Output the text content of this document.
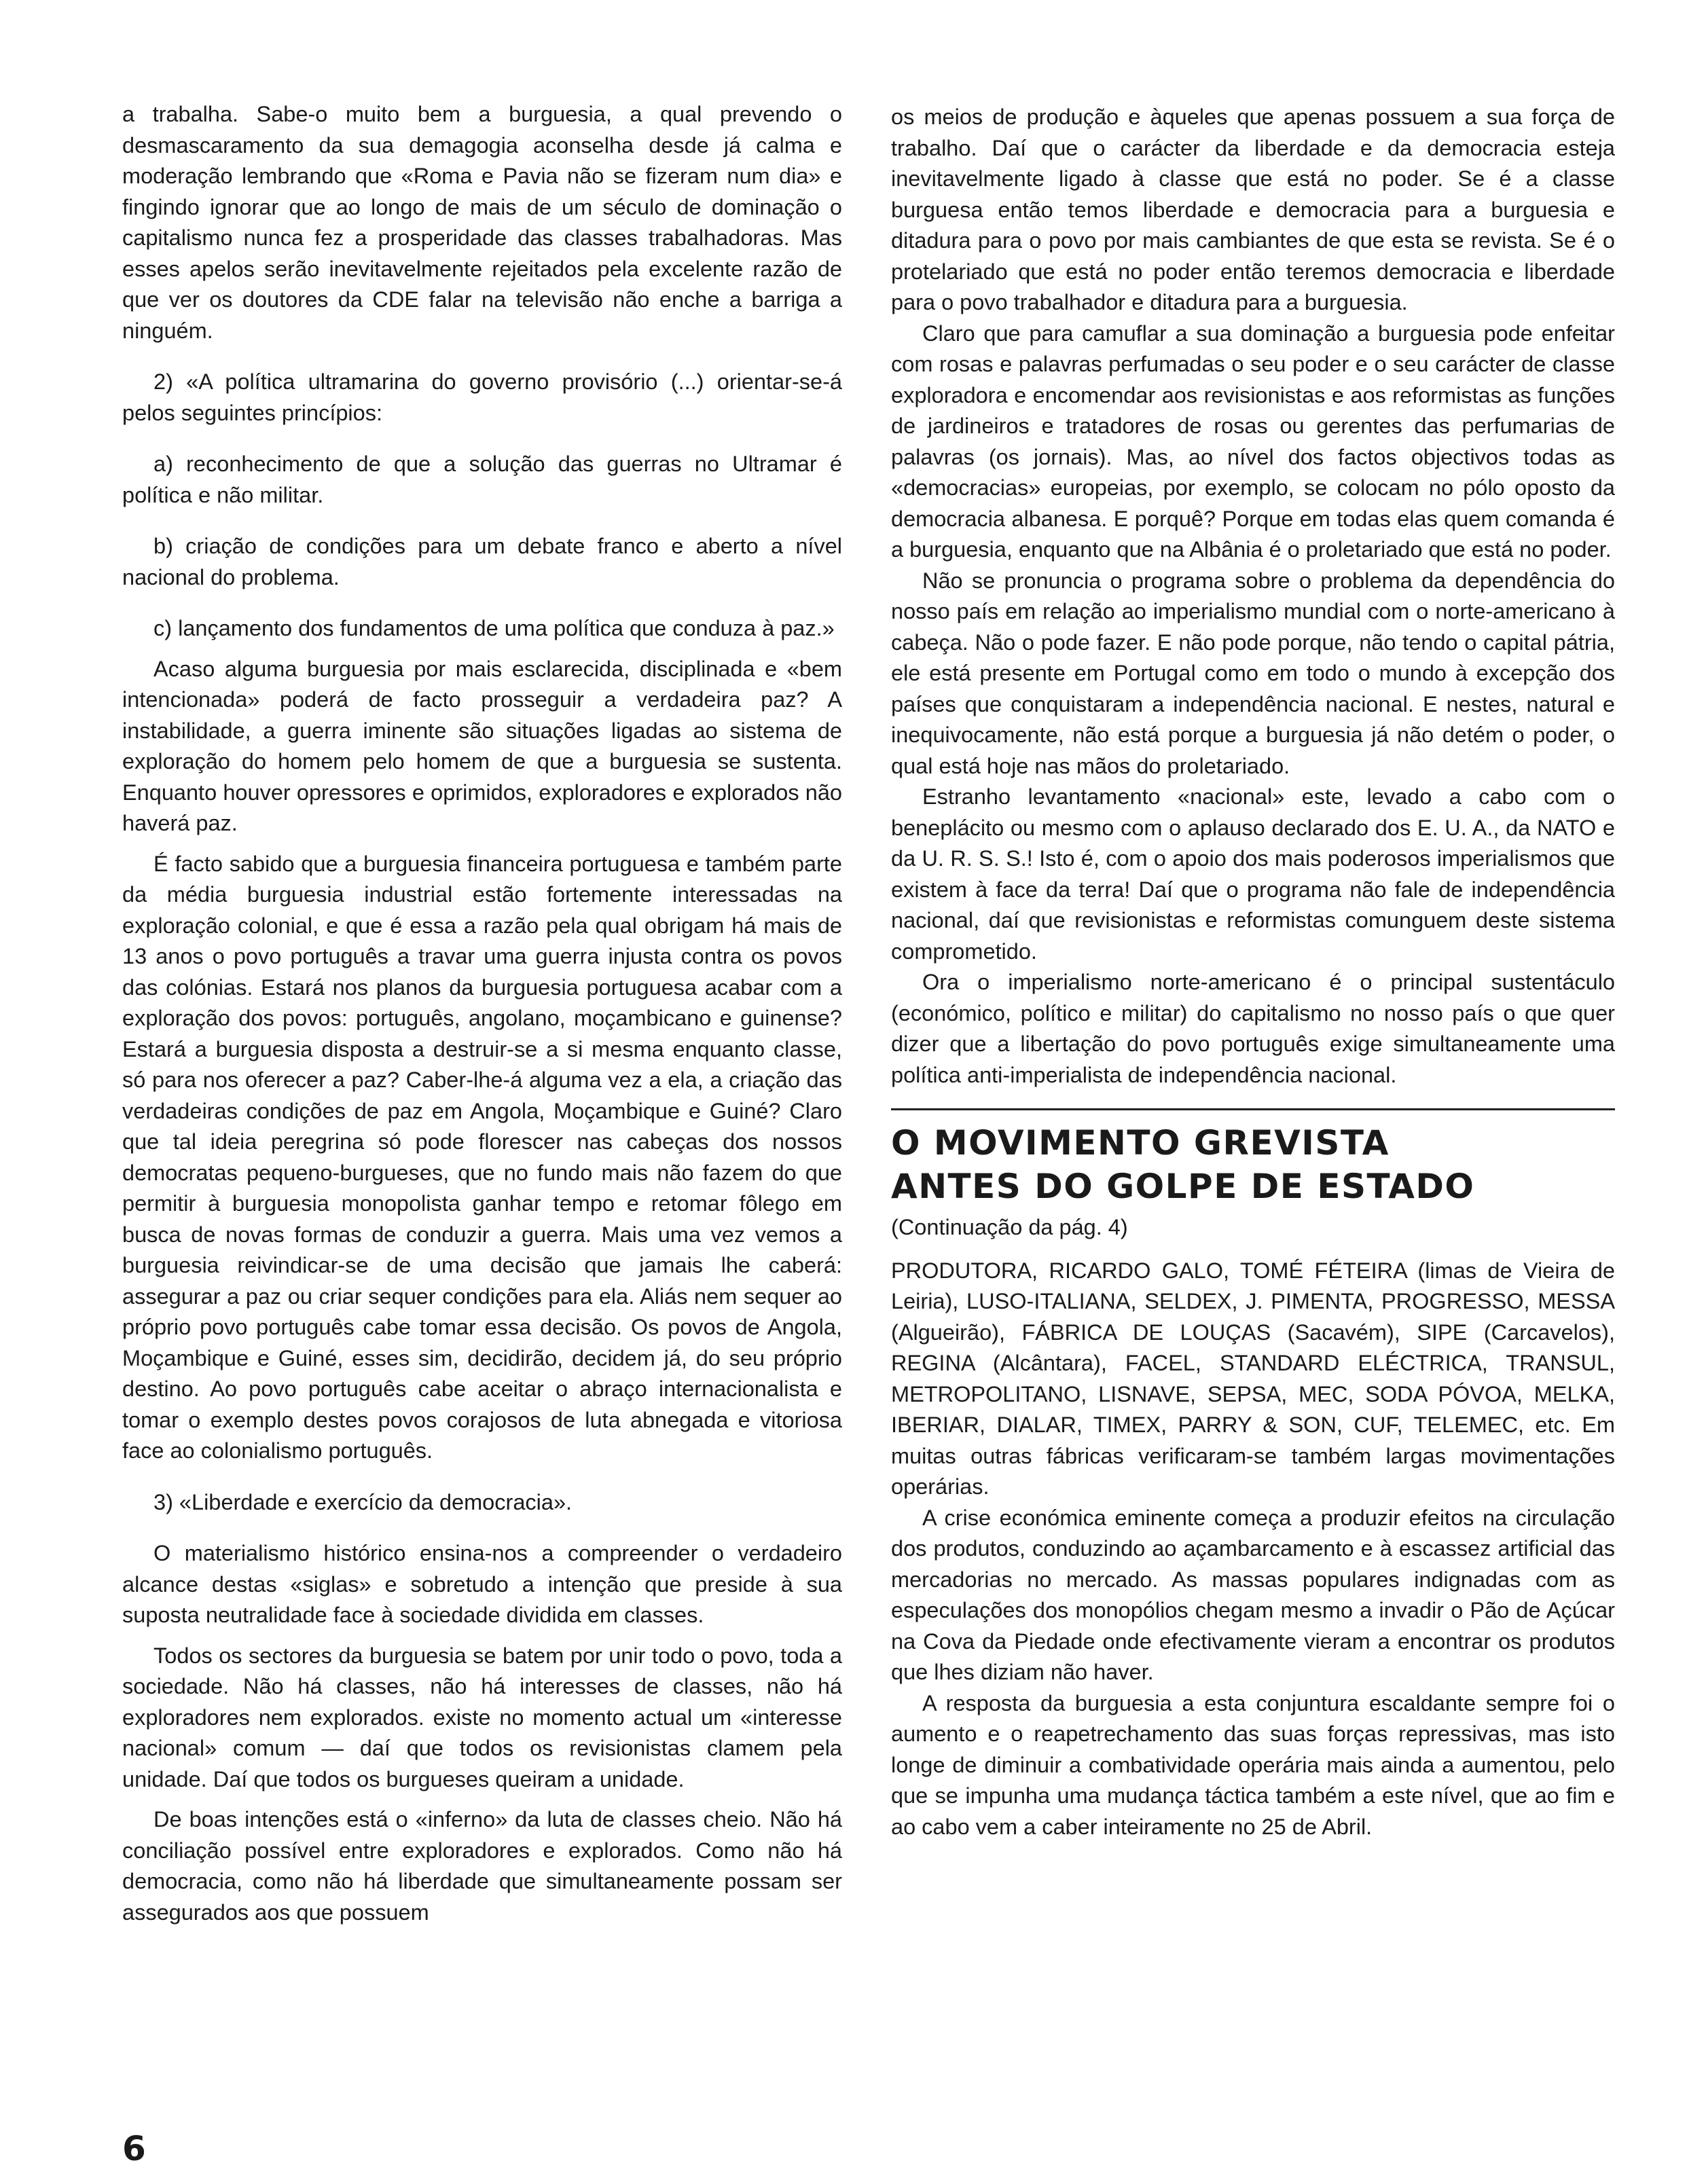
a trabalha. Sabe-o muito bem a burguesia, a qual prevendo o desmascaramento da sua demagogia aconselha desde já calma e moderação lembrando que «Roma e Pavia não se fizeram num dia» e fingindo ignorar que ao longo de mais de um século de dominação o capitalismo nunca fez a prosperidade das classes trabalhadoras. Mas esses apelos serão inevitavelmente rejeitados pela excelente razão de que ver os doutores da CDE falar na televisão não enche a barriga a ninguém.

2) «A política ultramarina do governo provisório (...) orientar-se-á pelos seguintes princípios:

a) reconhecimento de que a solução das guerras no Ultramar é política e não militar.

b) criação de condições para um debate franco e aberto a nível nacional do problema.

c) lançamento dos fundamentos de uma política que conduza à paz.»

Acaso alguma burguesia por mais esclarecida, disciplinada e «bem intencionada» poderá de facto prosseguir a verdadeira paz? A instabilidade, a guerra iminente são situações ligadas ao sistema de exploração do homem pelo homem de que a burguesia se sustenta. Enquanto houver opressores e oprimidos, exploradores e explorados não haverá paz.

É facto sabido que a burguesia financeira portuguesa e também parte da média burguesia industrial estão fortemente interessadas na exploração colonial, e que é essa a razão pela qual obrigam há mais de 13 anos o povo português a travar uma guerra injusta contra os povos das colónias. Estará nos planos da burguesia portuguesa acabar com a exploração dos povos: português, angolano, moçambicano e guinense? Estará a burguesia disposta a destruir-se a si mesma enquanto classe, só para nos oferecer a paz? Caber-lhe-á alguma vez a ela, a criação das verdadeiras condições de paz em Angola, Moçambique e Guiné? Claro que tal ideia peregrina só pode florescer nas cabeças dos nossos democratas pequeno-burgueses, que no fundo mais não fazem do que permitir à burguesia monopolista ganhar tempo e retomar fôlego em busca de novas formas de conduzir a guerra. Mais uma vez vemos a burguesia reivindicar-se de uma decisão que jamais lhe caberá: assegurar a paz ou criar sequer condições para ela. Aliás nem sequer ao próprio povo português cabe tomar essa decisão. Os povos de Angola, Moçambique e Guiné, esses sim, decidirão, decidem já, do seu próprio destino. Ao povo português cabe aceitar o abraço internacionalista e tomar o exemplo destes povos corajosos de luta abnegada e vitoriosa face ao colonialismo português.

3) «Liberdade e exercício da democracia».

O materialismo histórico ensina-nos a compreender o verdadeiro alcance destas «siglas» e sobretudo a intenção que preside à sua suposta neutralidade face à sociedade dividida em classes.

Todos os sectores da burguesia se batem por unir todo o povo, toda a sociedade. Não há classes, não há interesses de classes, não há exploradores nem explorados. existe no momento actual um «interesse nacional» comum — daí que todos os revisionistas clamem pela unidade. Daí que todos os burgueses queiram a unidade.

De boas intenções está o «inferno» da luta de classes cheio. Não há conciliação possível entre exploradores e explorados. Como não há democracia, como não há liberdade que simultaneamente possam ser assegurados aos que possuem

os meios de produção e àqueles que apenas possuem a sua força de trabalho. Daí que o carácter da liberdade e da democracia esteja inevitavelmente ligado à classe que está no poder. Se é a classe burguesa então temos liberdade e democracia para a burguesia e ditadura para o povo por mais cambiantes de que esta se revista. Se é o protelariado que está no poder então teremos democracia e liberdade para o povo trabalhador e ditadura para a burguesia.

Claro que para camuflar a sua dominação a burguesia pode enfeitar com rosas e palavras perfumadas o seu poder e o seu carácter de classe exploradora e encomendar aos revisionistas e aos reformistas as funções de jardineiros e tratadores de rosas ou gerentes das perfumarias de palavras (os jornais). Mas, ao nível dos factos objectivos todas as «democracias» europeias, por exemplo, se colocam no pólo oposto da democracia albanesa. E porquê? Porque em todas elas quem comanda é a burguesia, enquanto que na Albânia é o proletariado que está no poder.

Não se pronuncia o programa sobre o problema da dependência do nosso país em relação ao imperialismo mundial com o norte-americano à cabeça. Não o pode fazer. E não pode porque, não tendo o capital pátria, ele está presente em Portugal como em todo o mundo à excepção dos países que conquistaram a independência nacional. E nestes, natural e inequivocamente, não está porque a burguesia já não detém o poder, o qual está hoje nas mãos do proletariado.

Estranho levantamento «nacional» este, levado a cabo com o beneplácito ou mesmo com o aplauso declarado dos E. U. A., da NATO e da U. R. S. S.! Isto é, com o apoio dos mais poderosos imperialismos que existem à face da terra! Daí que o programa não fale de independência nacional, daí que revisionistas e reformistas comunguem deste sistema comprometido.

Ora o imperialismo norte-americano é o principal sustentáculo (económico, político e militar) do capitalismo no nosso país o que quer dizer que a libertação do povo português exige simultaneamente uma política anti-imperialista de independência nacional.

O MOVIMENTO GREVISTA

ANTES DO GOLPE DE ESTADO

(Continuação da pág. 4)

PRODUTORA, RICARDO GALO, TOMÉ FÉTEIRA (limas de Vieira de Leiria), LUSO-ITALIANA, SELDEX, J. PIMENTA, PROGRESSO, MESSA (Algueirão), FÁBRICA DE LOUÇAS (Sacavém), SIPE (Carcavelos), REGINA (Alcântara), FACEL, STANDARD ELÉCTRICA, TRANSUL, METROPOLITANO, LISNAVE, SEPSA, MEC, SODA PÓVOA, MELKA, IBERIAR, DIALAR, TIMEX, PARRY & SON, CUF, TELEMEC, etc. Em muitas outras fábricas verificaram-se também largas movimentações operárias.

A crise económica eminente começa a produzir efeitos na circulação dos produtos, conduzindo ao açambarcamento e à escassez artificial das mercadorias no mercado. As massas populares indignadas com as especulações dos monopólios chegam mesmo a invadir o Pão de Açúcar na Cova da Piedade onde efectivamente vieram a encontrar os produtos que lhes diziam não haver.

A resposta da burguesia a esta conjuntura escaldante sempre foi o aumento e o reapetrechamento das suas forças repressivas, mas isto longe de diminuir a combatividade operária mais ainda a aumentou, pelo que se impunha uma mudança táctica também a este nível, que ao fim e ao cabo vem a caber inteiramente no 25 de Abril.

6
